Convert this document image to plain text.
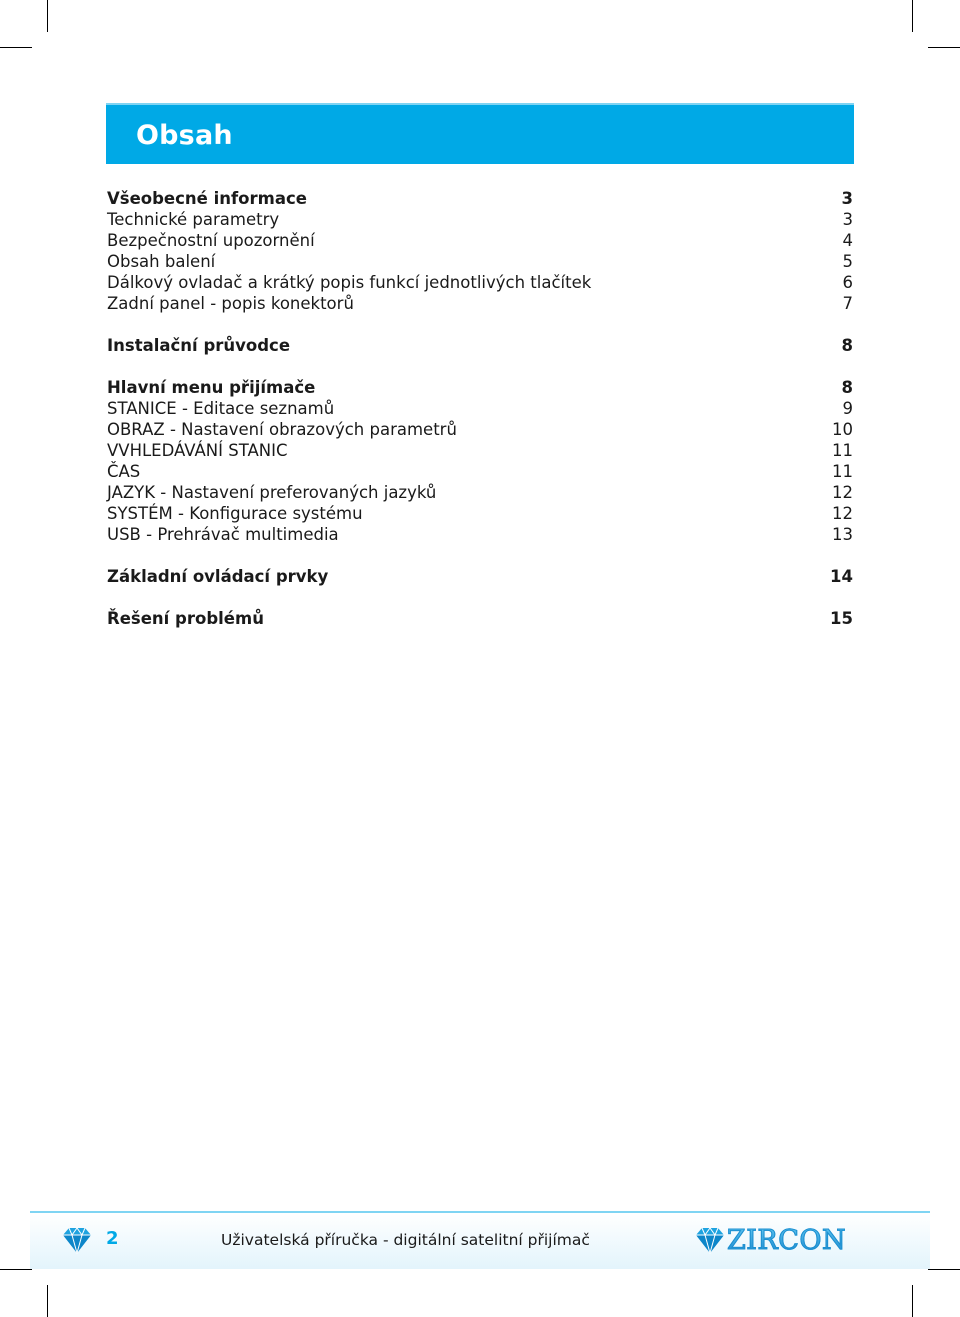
Obsah
Všeobecné informace	3
Technické parametry	3
Bezpečnostní upozornění	4
Obsah balení	5
Dálkový ovladač a krátký popis funkcí jednotlivých tlačítek	6
Zadní panel - popis konektorů	7
Instalační průvodce	8
Hlavní menu přijímače	8
STANICE - Editace seznamů	9
OBRAZ - Nastavení obrazových parametrů	10
VVHLEDÁVÁNÍ STANIC	11
ČAS	11
JAZYK - Nastavení preferovaných jazyků	12
SYSTÉM - Konfigurace systému	12
USB - Prehrávač multimedia	13
Základní ovládací prvky	14
Řešení problémů	15
2	Uživatelská příručka - digitální satelitní přijímač	ZIRCON
